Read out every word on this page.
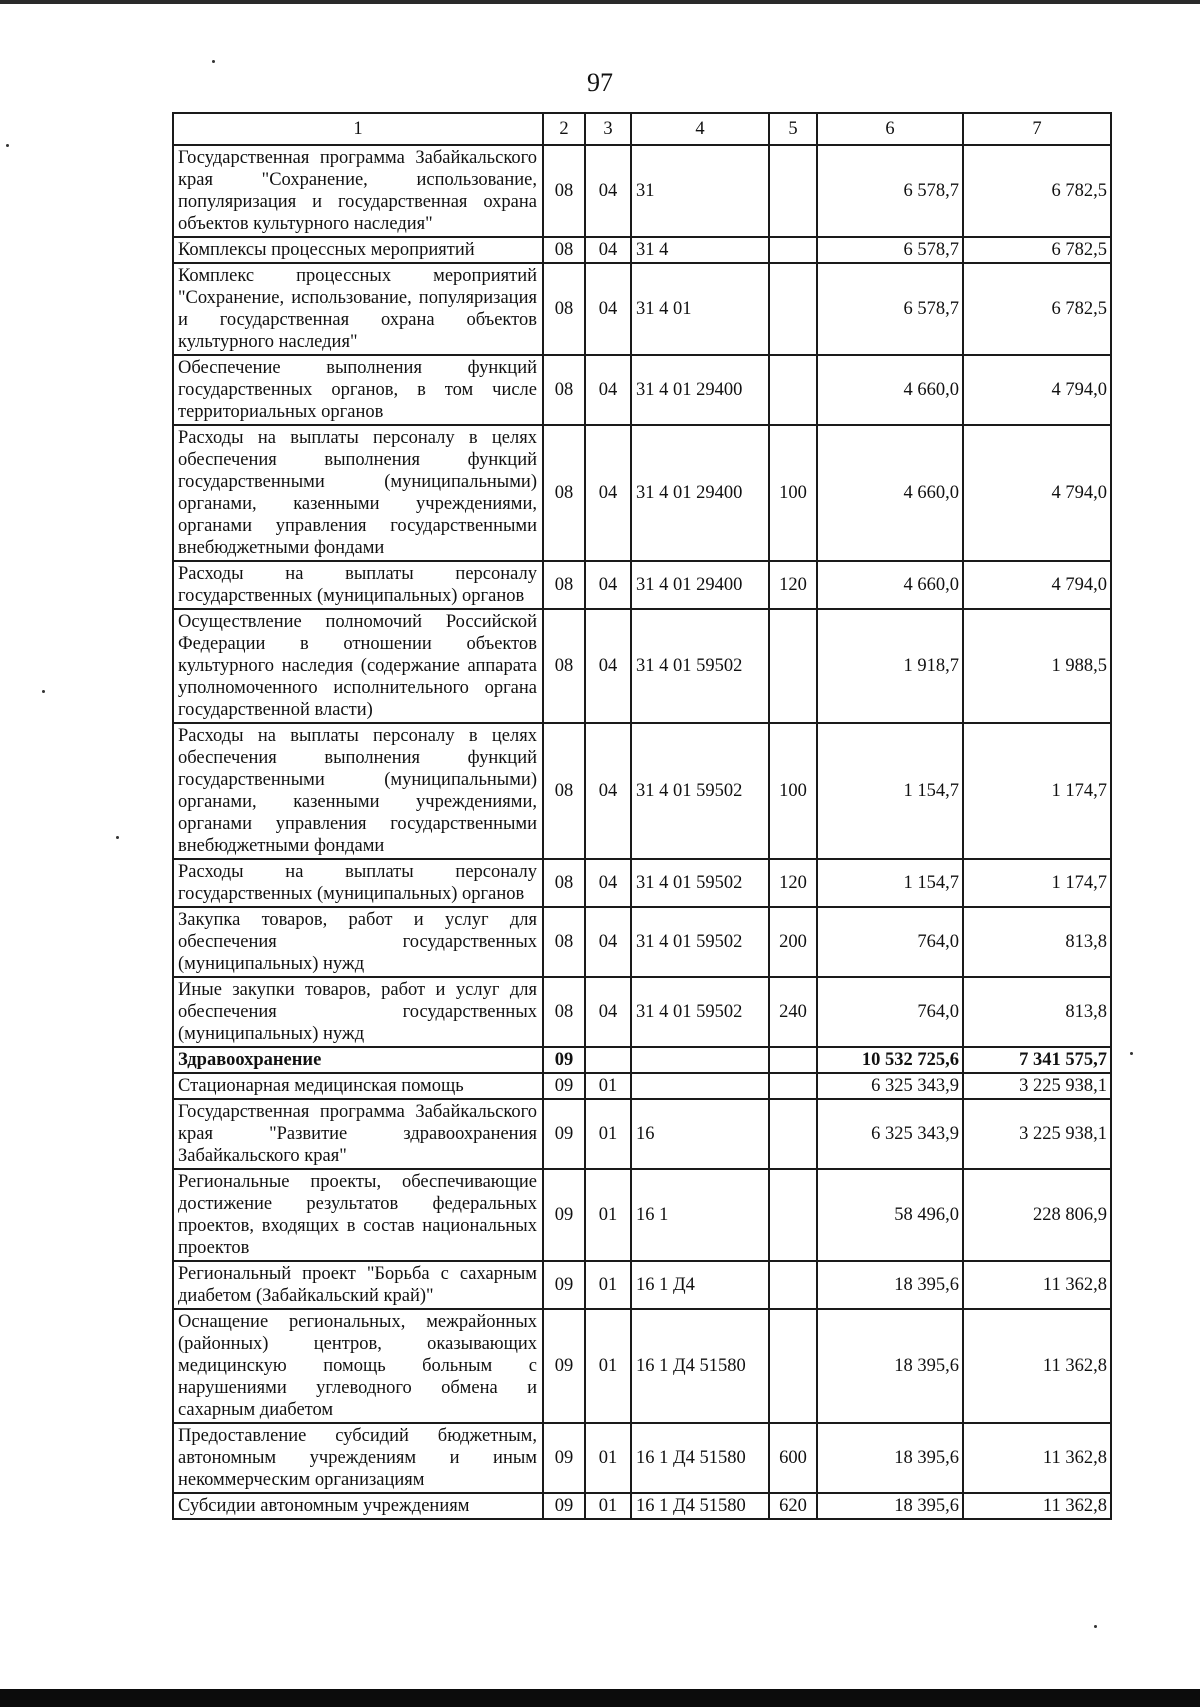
97
1	2	3	4	5	6	7
Государственная программа Забайкальского края "Сохранение, использование, популяризация и государственная охрана объектов культурного наследия"	08	04	31		6 578,7	6 782,5
Комплексы процессных мероприятий	08	04	31 4		6 578,7	6 782,5
Комплекс процессных мероприятий "Сохранение, использование, популяризация и государственная охрана объектов культурного наследия"	08	04	31 4 01		6 578,7	6 782,5
Обеспечение выполнения функций государственных органов, в том числе территориальных органов	08	04	31 4 01 29400		4 660,0	4 794,0
Расходы на выплаты персоналу в целях обеспечения выполнения функций государственными (муниципальными) органами, казенными учреждениями, органами управления государственными внебюджетными фондами	08	04	31 4 01 29400	100	4 660,0	4 794,0
Расходы на выплаты персоналу государственных (муниципальных) органов	08	04	31 4 01 29400	120	4 660,0	4 794,0
Осуществление полномочий Российской Федерации в отношении объектов культурного наследия (содержание аппарата уполномоченного исполнительного органа государственной власти)	08	04	31 4 01 59502		1 918,7	1 988,5
Расходы на выплаты персоналу в целях обеспечения выполнения функций государственными (муниципальными) органами, казенными учреждениями, органами управления государственными внебюджетными фондами	08	04	31 4 01 59502	100	1 154,7	1 174,7
Расходы на выплаты персоналу государственных (муниципальных) органов	08	04	31 4 01 59502	120	1 154,7	1 174,7
Закупка товаров, работ и услуг для обеспечения государственных (муниципальных) нужд	08	04	31 4 01 59502	200	764,0	813,8
Иные закупки товаров, работ и услуг для обеспечения государственных (муниципальных) нужд	08	04	31 4 01 59502	240	764,0	813,8
Здравоохранение	09				10 532 725,6	7 341 575,7
Стационарная медицинская помощь	09	01			6 325 343,9	3 225 938,1
Государственная программа Забайкальского края "Развитие здравоохранения Забайкальского края"	09	01	16		6 325 343,9	3 225 938,1
Региональные проекты, обеспечивающие достижение результатов федеральных проектов, входящих в состав национальных проектов	09	01	16 1		58 496,0	228 806,9
Региональный проект "Борьба с сахарным диабетом (Забайкальский край)"	09	01	16 1 Д4		18 395,6	11 362,8
Оснащение региональных, межрайонных (районных) центров, оказывающих медицинскую помощь больным с нарушениями углеводного обмена и сахарным диабетом	09	01	16 1 Д4 51580		18 395,6	11 362,8
Предоставление субсидий бюджетным, автономным учреждениям и иным некоммерческим организациям	09	01	16 1 Д4 51580	600	18 395,6	11 362,8
Субсидии автономным учреждениям	09	01	16 1 Д4 51580	620	18 395,6	11 362,8
